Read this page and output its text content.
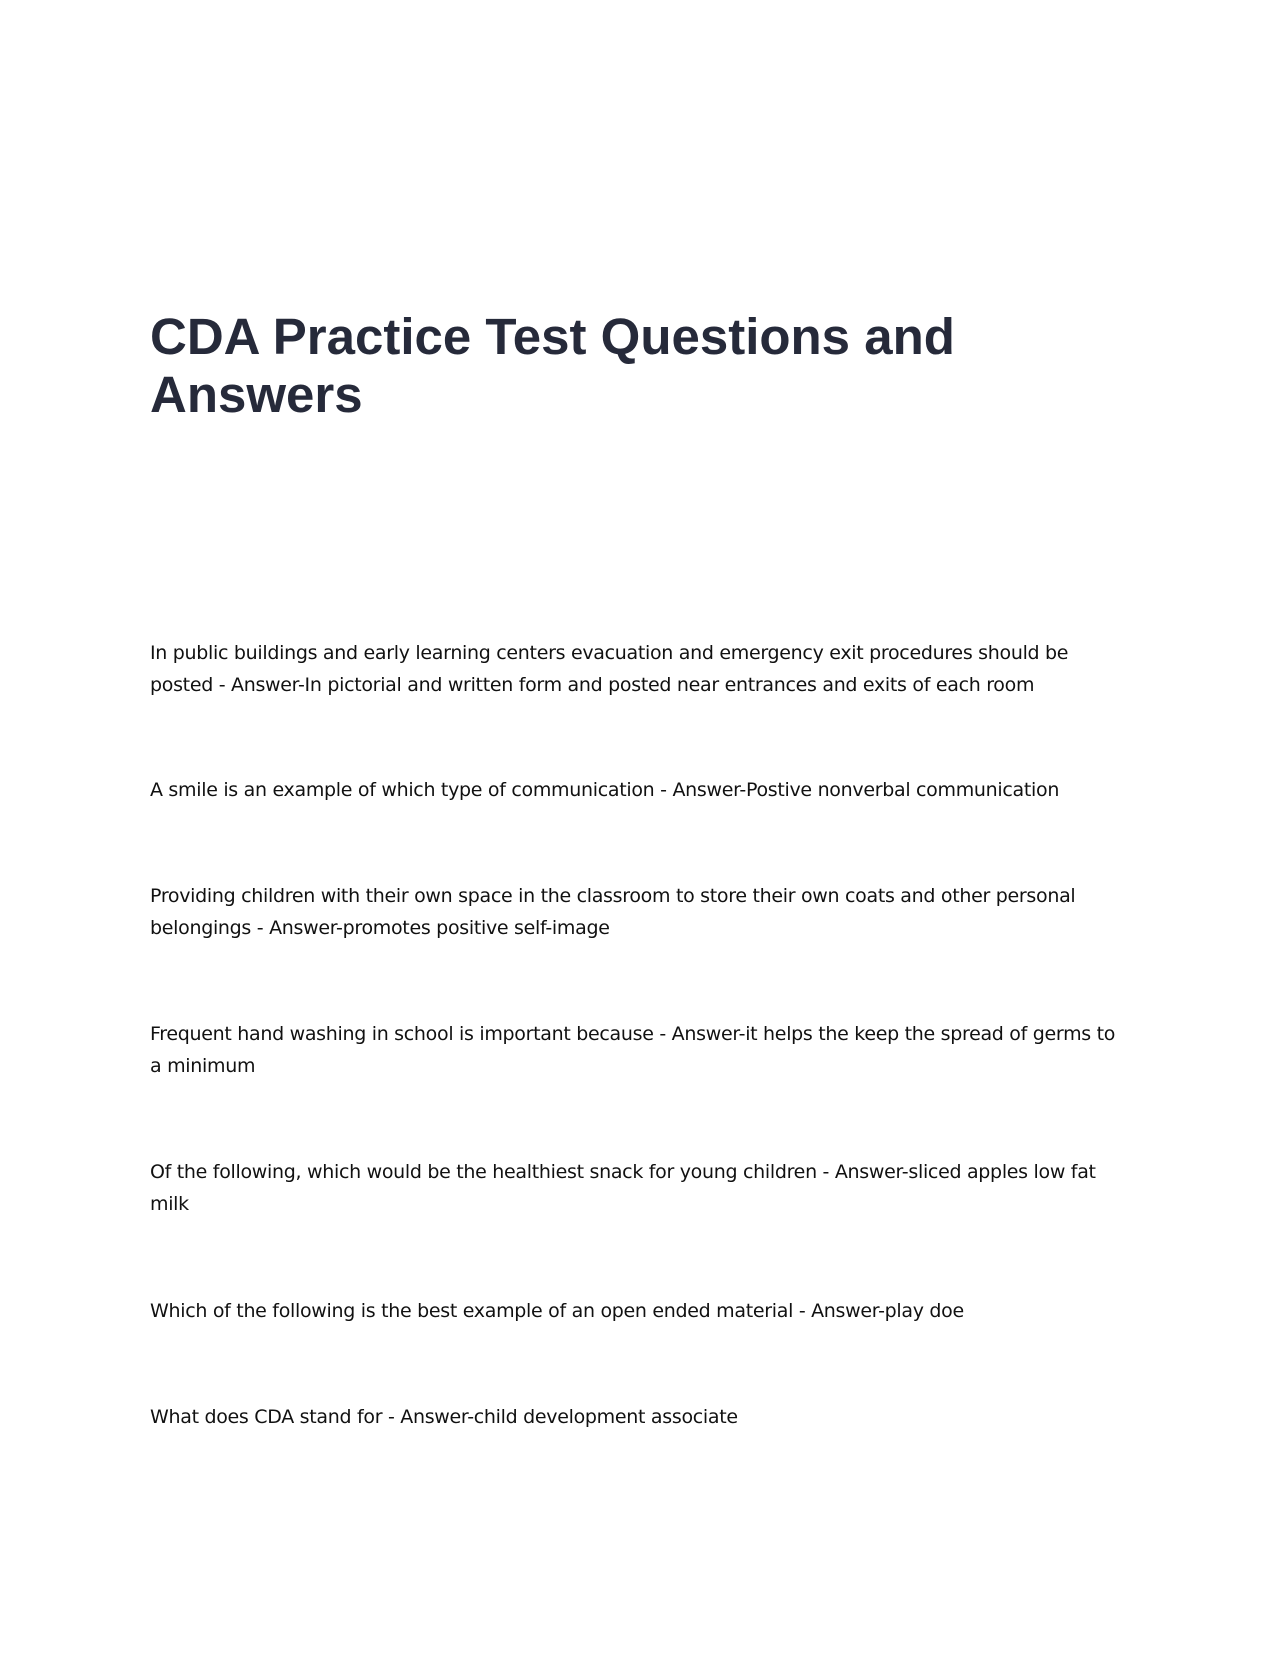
CDA Practice Test Questions and Answers

In public buildings and early learning centers evacuation and emergency exit procedures should be posted - Answer-In pictorial and written form and posted near entrances and exits of each room

A smile is an example of which type of communication - Answer-Postive nonverbal communication

Providing children with their own space in the classroom to store their own coats and other personal belongings - Answer-promotes positive self-image

Frequent hand washing in school is important because - Answer-it helps the keep the spread of germs to a minimum

Of the following, which would be the healthiest snack for young children - Answer-sliced apples low fat milk

Which of the following is the best example of an open ended material - Answer-play doe

What does CDA stand for - Answer-child development associate
